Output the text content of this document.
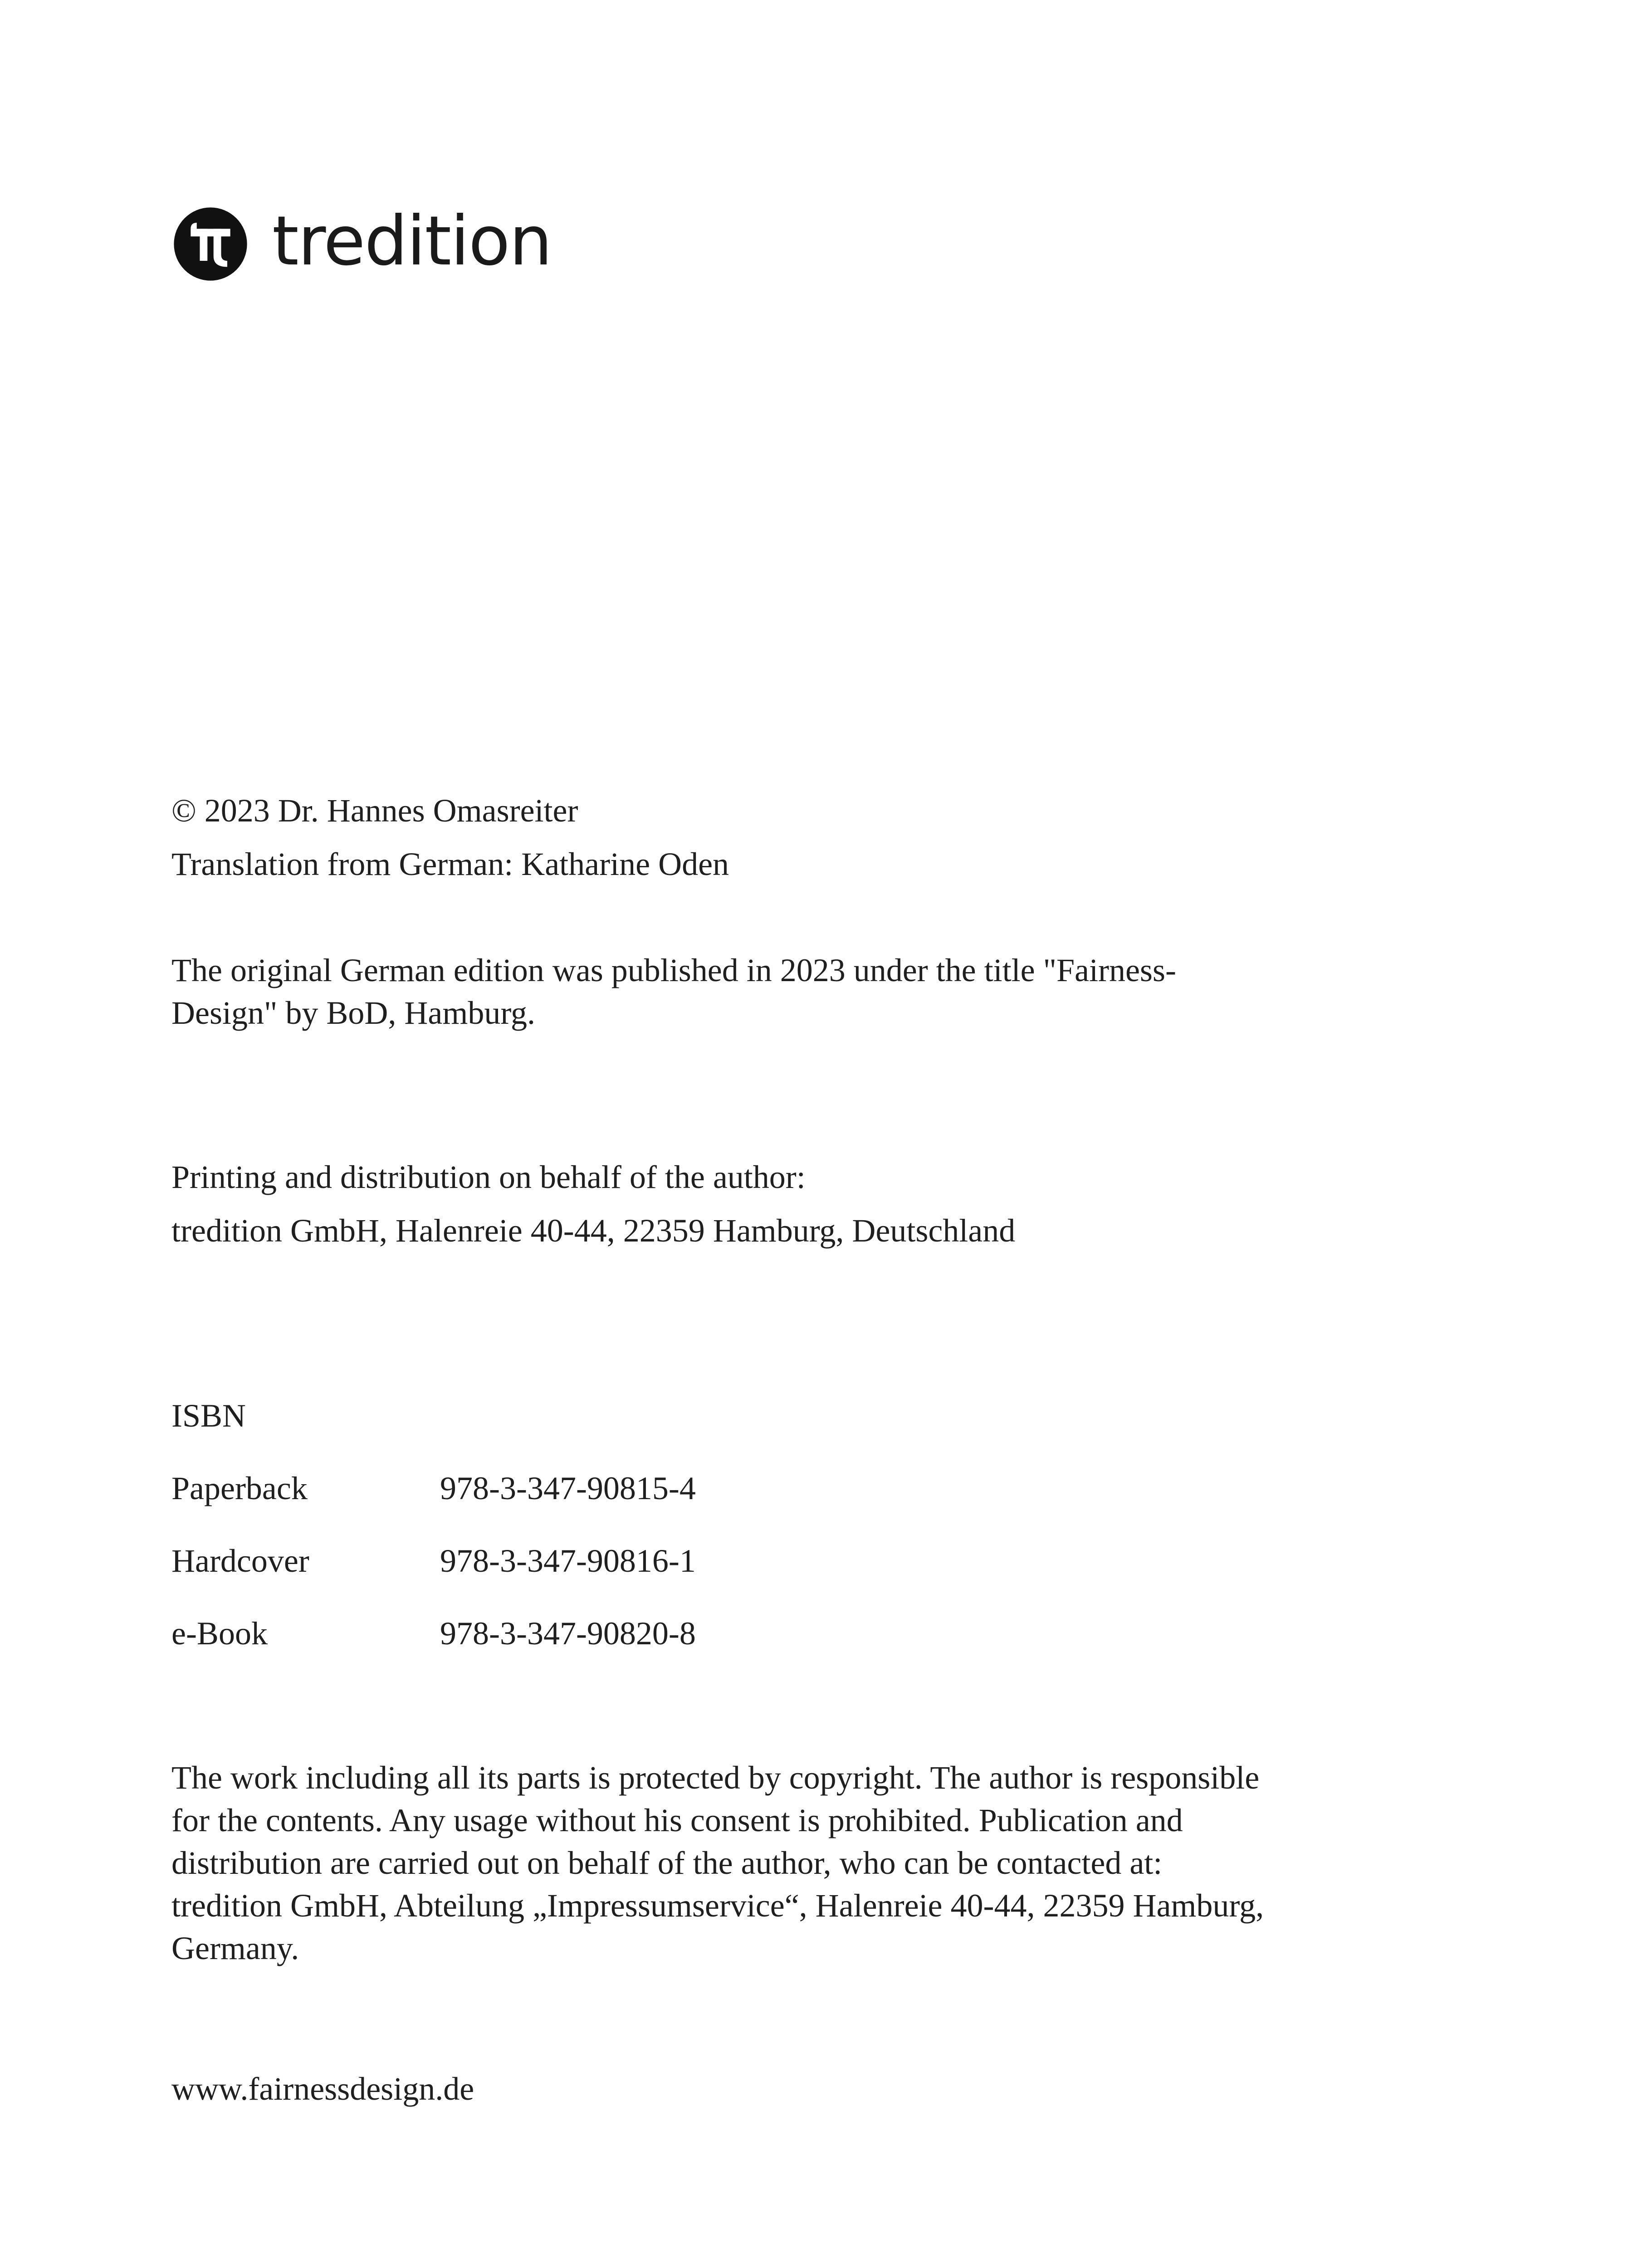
tredition
© 2023 Dr. Hannes Omasreiter
Translation from German: Katharine Oden
The original German edition was published in 2023 under the title "Fairness-
Design" by BoD, Hamburg.
Printing and distribution on behalf of the author:
tredition GmbH, Halenreie 40-44, 22359 Hamburg, Deutschland
ISBN
Paperback	978-3-347-90815-4
Hardcover	978-3-347-90816-1
e-Book	978-3-347-90820-8
The work including all its parts is protected by copyright. The author is responsible
for the contents. Any usage without his consent is prohibited. Publication and
distribution are carried out on behalf of the author, who can be contacted at:
tredition GmbH, Abteilung „Impressumservice“, Halenreie 40-44, 22359 Hamburg,
Germany.
www.fairnessdesign.de
